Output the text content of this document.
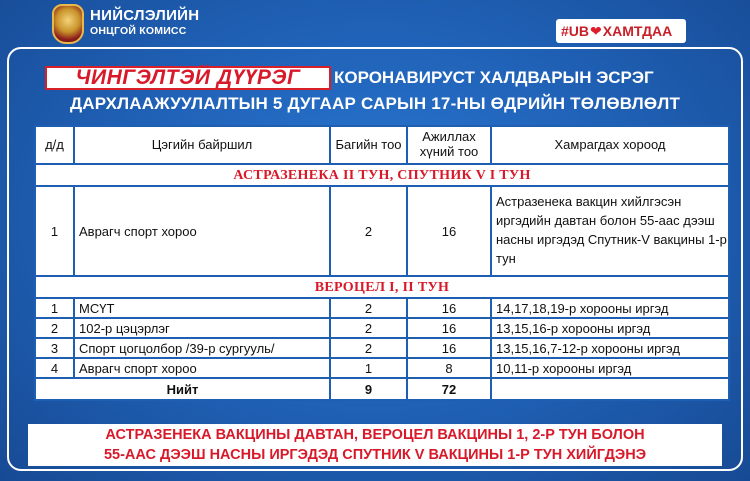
НИЙСЛЭЛИЙН
ОНЦГОЙ КОМИСС	#UB ❤ ХАМТДАА
ЧИНГЭЛТЭЙ ДҮҮРЭГ	КОРОНАВИРУСТ ХАЛДВАРЫН ЭСРЭГ
ДАРХЛААЖУУЛАЛТЫН 5 ДУГААР САРЫН 17-НЫ ӨДРИЙН ТӨЛӨВЛӨЛТ
д/д	Цэгийн байршил	Багийн тоо	Ажиллах хүний тоо	Хамрагдах хороод
АСТРАЗЕНЕКА II ТУН, СПУТНИК V I ТУН				
1	Аврагч спорт хороо	2	16	Астразенека вакцин хийлгэсэн иргэдийн давтан болон 55-аас дээш насны иргэдэд Спутник-V вакцины 1-р тун
ВЕРОЦЕЛ I, II ТУН				
1	МСҮТ	2	16	14,17,18,19-р хорооны иргэд
2	102-р цэцэрлэг	2	16	13,15,16-р хорооны иргэд
3	Спорт цогцолбор /39-р сургууль/	2	16	13,15,16,7-12-р хорооны иргэд
4	Аврагч спорт хороо	1	8	10,11-р хорооны иргэд
Нийт		9	72	
АСТРАЗЕНЕКА ВАКЦИНЫ ДАВТАН, ВЕРОЦЕЛ ВАКЦИНЫ 1, 2-Р ТУН БОЛОН
55-ААС ДЭЭШ НАСНЫ ИРГЭДЭД СПУТНИК V ВАКЦИНЫ 1-Р ТУН ХИЙГДЭНЭ
